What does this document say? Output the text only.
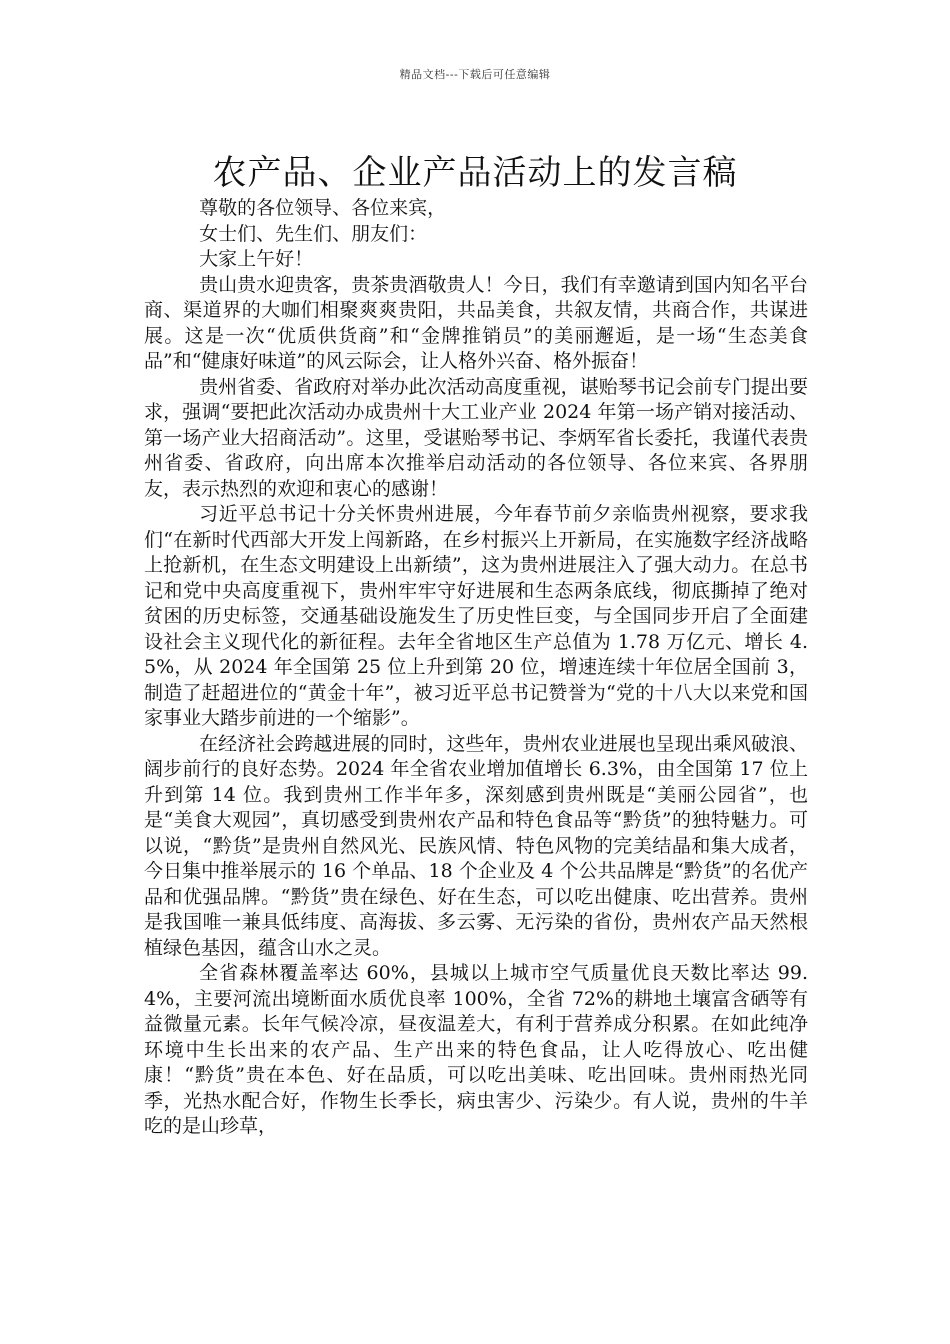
精品文档---下载后可任意编辑
农产品、企业产品活动上的发言稿

尊敬的各位领导、各位来宾，

女士们、先生们、朋友们：

大家上午好！

贵山贵水迎贵客，贵茶贵酒敬贵人！今日，我们有幸邀请到国内知名平台商、渠道界的大咖们相聚爽爽贵阳，共品美食，共叙友情，共商合作，共谋进展。这是一次“优质供货商”和“金牌推销员”的美丽邂逅，是一场“生态美食品”和“健康好味道”的风云际会，让人格外兴奋、格外振奋！

贵州省委、省政府对举办此次活动高度重视，谌贻琴书记会前专门提出要求，强调“要把此次活动办成贵州十大工业产业 2024 年第一场产销对接活动、第一场产业大招商活动”。这里，受谌贻琴书记、李炳军省长委托，我谨代表贵州省委、省政府，向出席本次推举启动活动的各位领导、各位来宾、各界朋友，表示热烈的欢迎和衷心的感谢！

习近平总书记十分关怀贵州进展，今年春节前夕亲临贵州视察，要求我们“在新时代西部大开发上闯新路，在乡村振兴上开新局，在实施数字经济战略上抢新机，在生态文明建设上出新绩”，这为贵州进展注入了强大动力。在总书记和党中央高度重视下，贵州牢牢守好进展和生态两条底线，彻底撕掉了绝对贫困的历史标签，交通基础设施发生了历史性巨变，与全国同步开启了全面建设社会主义现代化的新征程。去年全省地区生产总值为 1.78 万亿元、增长 4.5%，从 2024 年全国第 25 位上升到第 20 位，增速连续十年位居全国前 3，制造了赶超进位的“黄金十年”，被习近平总书记赞誉为“党的十八大以来党和国家事业大踏步前进的一个缩影”。

在经济社会跨越进展的同时，这些年，贵州农业进展也呈现出乘风破浪、阔步前行的良好态势。2024 年全省农业增加值增长 6.3%，由全国第 17 位上升到第 14 位。我到贵州工作半年多，深刻感到贵州既是“美丽公园省”，也是“美食大观园”，真切感受到贵州农产品和特色食品等“黔货”的独特魅力。可以说，“黔货”是贵州自然风光、民族风情、特色风物的完美结晶和集大成者，今日集中推举展示的 16 个单品、18 个企业及 4 个公共品牌是“黔货”的名优产品和优强品牌。“黔货”贵在绿色、好在生态，可以吃出健康、吃出营养。贵州是我国唯一兼具低纬度、高海拔、多云雾、无污染的省份，贵州农产品天然根植绿色基因，蕴含山水之灵。

全省森林覆盖率达 60%，县城以上城市空气质量优良天数比率达 99.4%，主要河流出境断面水质优良率 100%，全省 72%的耕地土壤富含硒等有益微量元素。长年气候冷凉，昼夜温差大，有利于营养成分积累。在如此纯净环境中生长出来的农产品、生产出来的特色食品，让人吃得放心、吃出健康！“黔货”贵在本色、好在品质，可以吃出美味、吃出回味。贵州雨热光同季，光热水配合好，作物生长季长，病虫害少、污染少。有人说，贵州的牛羊吃的是山珍草，
